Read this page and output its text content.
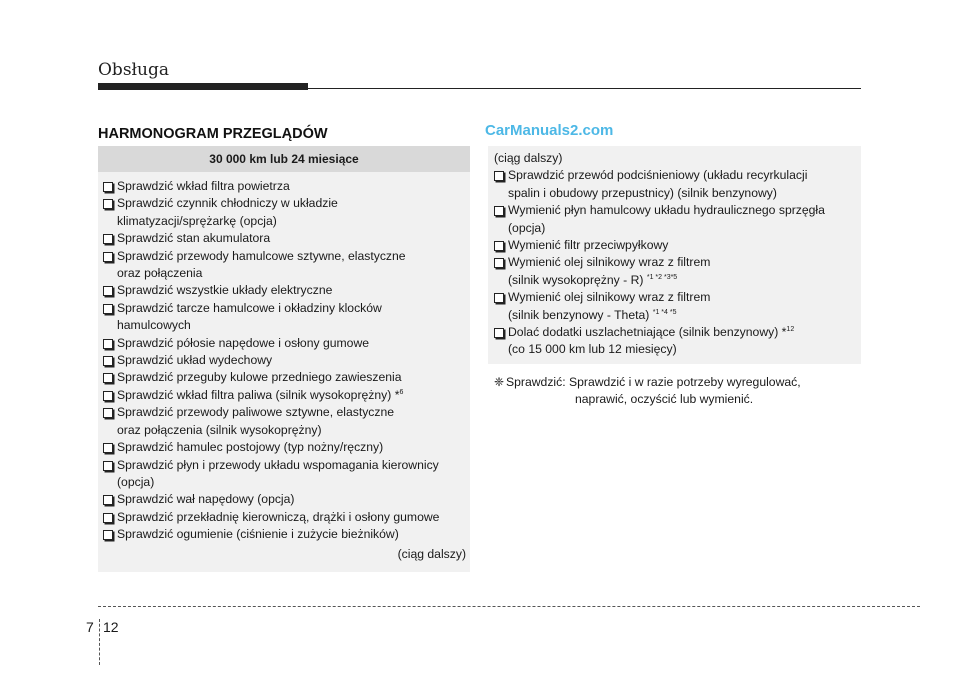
Obsługa
HARMONOGRAM PRZEGLĄDÓW	CarManuals2.com
30 000 km lub 24 miesiące
Sprawdzić wkład filtra powietrza
Sprawdzić czynnik chłodniczy w układzie
klimatyzacji/sprężarkę (opcja)
Sprawdzić stan akumulatora
Sprawdzić przewody hamulcowe sztywne, elastyczne
oraz połączenia
Sprawdzić wszystkie układy elektryczne
Sprawdzić tarcze hamulcowe i okładziny klocków
hamulcowych
Sprawdzić półosie napędowe i osłony gumowe
Sprawdzić układ wydechowy
Sprawdzić przeguby kulowe przedniego zawieszenia
Sprawdzić wkład filtra paliwa (silnik wysokoprężny) *$^6$
Sprawdzić przewody paliwowe sztywne, elastyczne
oraz połączenia (silnik wysokoprężny)
Sprawdzić hamulec postojowy (typ nożny/ręczny)
Sprawdzić płyn i przewody układu wspomagania kierownicy
(opcja)
Sprawdzić wał napędowy (opcja)
Sprawdzić przekładnię kierowniczą, drążki i osłony gumowe
Sprawdzić ogumienie (ciśnienie i zużycie bieżników)
(ciąg dalszy)
(ciąg dalszy)
Sprawdzić przewód podciśnieniowy (układu recyrkulacji
spalin i obudowy przepustnicy) (silnik benzynowy)
Wymienić płyn hamulcowy układu hydraulicznego sprzęgła
(opcja)
Wymienić filtr przeciwpyłkowy
Wymienić olej silnikowy wraz z filtrem
(silnik wysokoprężny - R) $^{*1 *2 *3*5}$
Wymienić olej silnikowy wraz z filtrem
(silnik benzynowy - Theta) $^{*1 *4 *5}$
Dolać dodatki uszlachetniające (silnik benzynowy) *$^{12}$
(co 15 000 km lub 12 miesięcy)
❈ Sprawdzić: Sprawdzić i w razie potrzeby wyregulować,
naprawić, oczyścić lub wymienić.
7 12
